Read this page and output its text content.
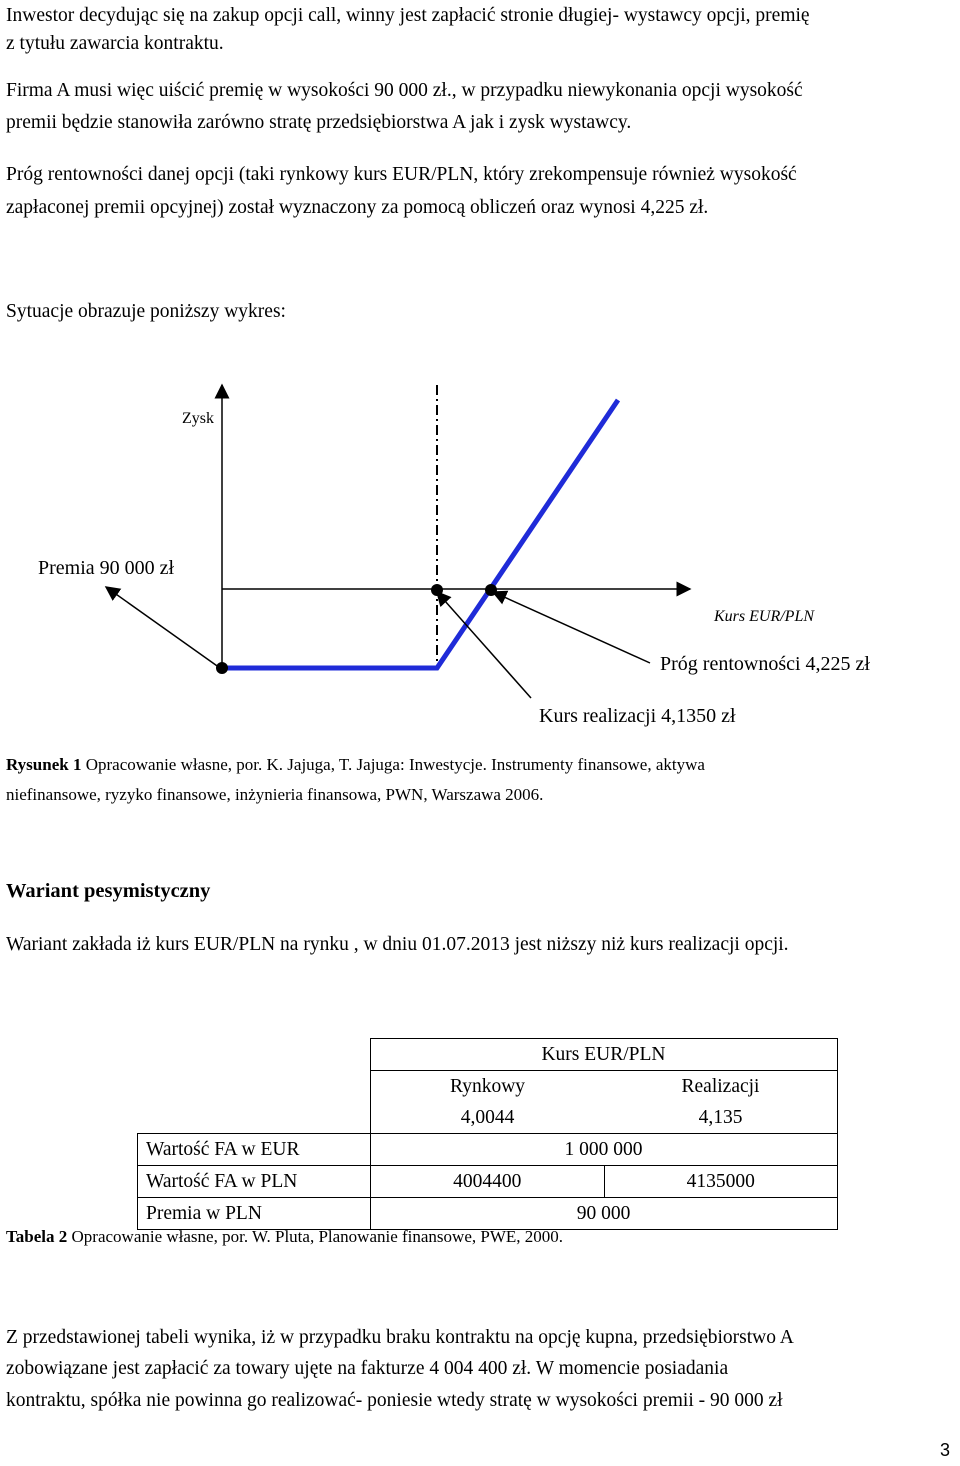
Inwestor decydując się na zakup opcji call, winny jest zapłacić stronie długiej- wystawcy opcji, premię
z tytułu zawarcia kontraktu.
Firma A musi więc uiścić premię w wysokości 90 000 zł., w przypadku niewykonania opcji wysokość
premii będzie stanowiła zarówno stratę przedsiębiorstwa A jak i zysk wystawcy.
Próg rentowności danej opcji (taki rynkowy kurs EUR/PLN, który zrekompensuje również wysokość
zapłaconej premii opcyjnej) został wyznaczony za pomocą obliczeń oraz wynosi 4,225 zł.
Sytuacje obrazuje poniższy wykres:
Zysk
Premia 90 000 zł
Kurs EUR/PLN
Próg rentowności 4,225 zł
Kurs realizacji 4,1350 zł

Rysunek 1 Opracowanie własne, por. K. Jajuga, T. Jajuga: Inwestycje. Instrumenty finansowe, aktywa

niefinansowe, ryzyko finansowe, inżynieria finansowa, PWN, Warszawa 2006.

Wariant pesymistyczny
Wariant zakłada iż kurs EUR/PLN na rynku , w dniu 01.07.2013 jest niższy niż kurs realizacji opcji.
	Kurs EUR/PLN	
	Rynkowy	Realizacji
	4,0044	4,135
Wartość FA w EUR	1 000 000	
Wartość FA w PLN	4004400	4135000
Premia w PLN	90 000	

Tabela 2 Opracowanie własne, por. W. Pluta, Planowanie finansowe, PWE, 2000.

Z przedstawionej tabeli wynika, iż w przypadku braku kontraktu na opcję kupna, przedsiębiorstwo A
zobowiązane jest zapłacić za towary ujęte na fakturze 4 004 400 zł. W momencie posiadania
kontraktu, spółka nie powinna go realizować- poniesie wtedy stratę w wysokości premii - 90 000 zł
3
